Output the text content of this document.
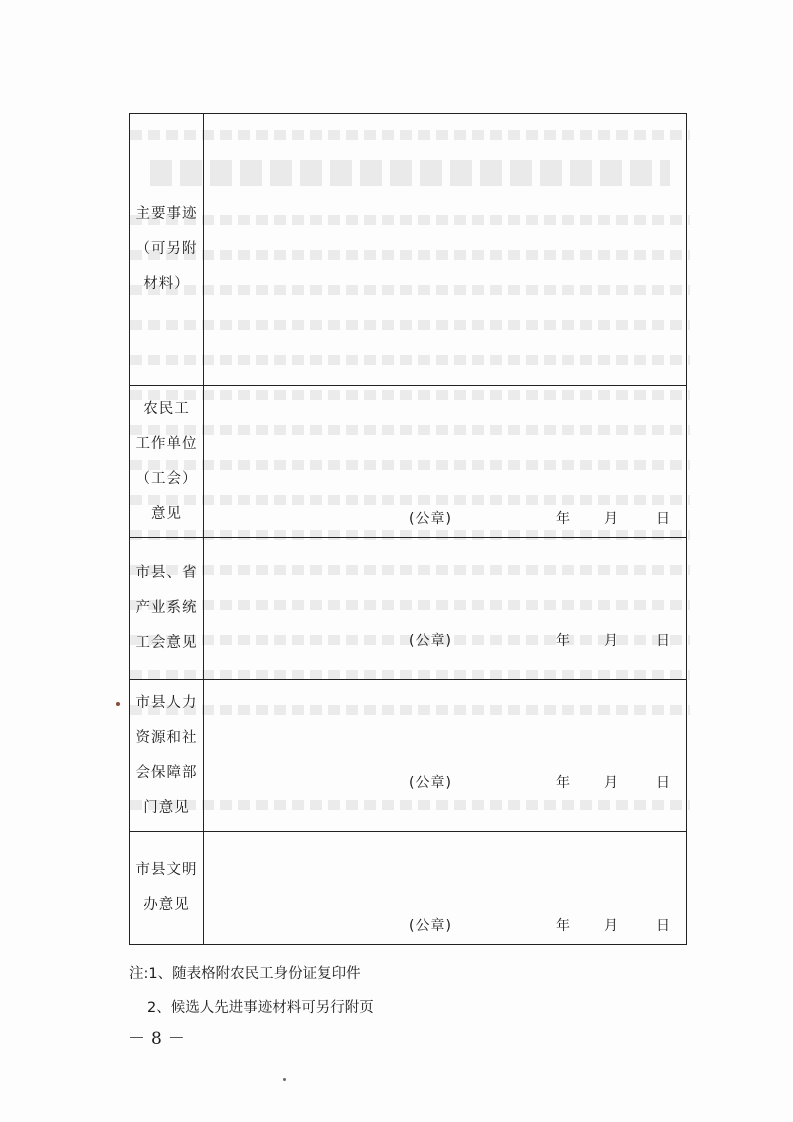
主要事迹
（可另附
材料）	

农民工
工作单位
（工会）
意见	(公章) 年 月 日

市县、省
产业系统
工会意见	(公章) 年 月 日

市县人力
资源和社
会保障部
门意见	(公章) 年 月 日

市县文明
办意见	(公章) 年 月 日
注:1、随表格附农民工身份证复印件
2、候选人先进事迹材料可另行附页
－8－
